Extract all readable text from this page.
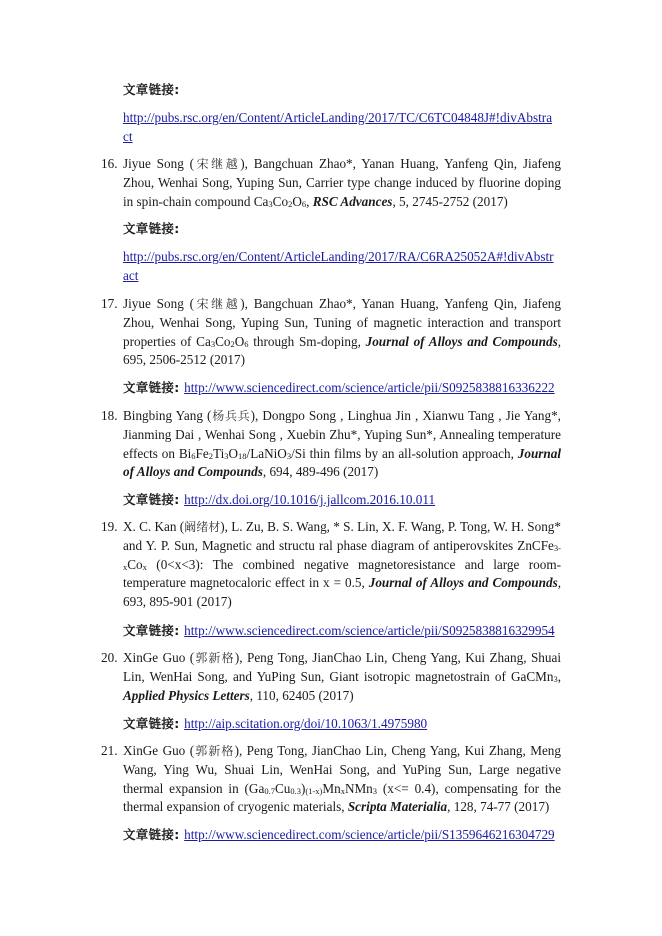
文章链接:
http://pubs.rsc.org/en/Content/ArticleLanding/2017/TC/C6TC04848J#!divAbstra
ct
16. Jiyue Song (宋继越), Bangchuan Zhao*, Yanan Huang, Yanfeng Qin, Jiafeng Zhou, Wenhai Song, Yuping Sun, Carrier type change induced by fluorine doping in spin-chain compound $Ca_3Co_2O_6$, RSC Advances, 5, 2745-2752 (2017)
文章链接:
http://pubs.rsc.org/en/Content/ArticleLanding/2017/RA/C6RA25052A#!divAbstr
act
17. Jiyue Song (宋继越), Bangchuan Zhao*, Yanan Huang, Yanfeng Qin, Jiafeng Zhou, Wenhai Song, Yuping Sun, Tuning of magnetic interaction and transport properties of $Ca_3Co_2O_6$ through Sm-doping, Journal of Alloys and Compounds, 695, 2506-2512 (2017)
文章链接: http://www.sciencedirect.com/science/article/pii/S0925838816336222
18. Bingbing Yang (杨兵兵), Dongpo Song , Linghua Jin , Xianwu Tang , Jie Yang*, Jianming Dai , Wenhai Song , Xuebin Zhu*, Yuping Sun*, Annealing temperature effects on $Bi_6Fe_2Ti_3O_{18}/LaNiO_3/Si$ thin films by an all-solution approach, Journal of Alloys and Compounds, 694, 489-496 (2017)
文章链接: http://dx.doi.org/10.1016/j.jallcom.2016.10.011
19. X. C. Kan (阚绪材), L. Zu, B. S. Wang, * S. Lin, X. F. Wang, P. Tong, W. H. Song* and Y. P. Sun, Magnetic and structu ral phase diagram of antiperovskites $ZnCFe_{3-x}Co_x$ (0<x<3): The combined negative magnetoresistance and large room-temperature magnetocaloric effect in x = 0.5, Journal of Alloys and Compounds, 693, 895-901 (2017)
文章链接: http://www.sciencedirect.com/science/article/pii/S0925838816329954
20. XinGe Guo (郭新格), Peng Tong, JianChao Lin, Cheng Yang, Kui Zhang, Shuai Lin, WenHai Song, and YuPing Sun, Giant isotropic magnetostrain of GaCMn$_3$, Applied Physics Letters, 110, 62405 (2017)
文章链接: http://aip.scitation.org/doi/10.1063/1.4975980
21. XinGe Guo (郭新格), Peng Tong, JianChao Lin, Cheng Yang, Kui Zhang, Meng Wang, Ying Wu, Shuai Lin, WenHai Song, and YuPing Sun, Large negative thermal expansion in $(Ga_{0.7}Cu_{0.3})_{(1-x)}Mn_xNMn_3$ (x<= 0.4), compensating for the thermal expansion of cryogenic materials, Scripta Materialia, 128, 74-77 (2017)
文章链接: http://www.sciencedirect.com/science/article/pii/S1359646216304729
